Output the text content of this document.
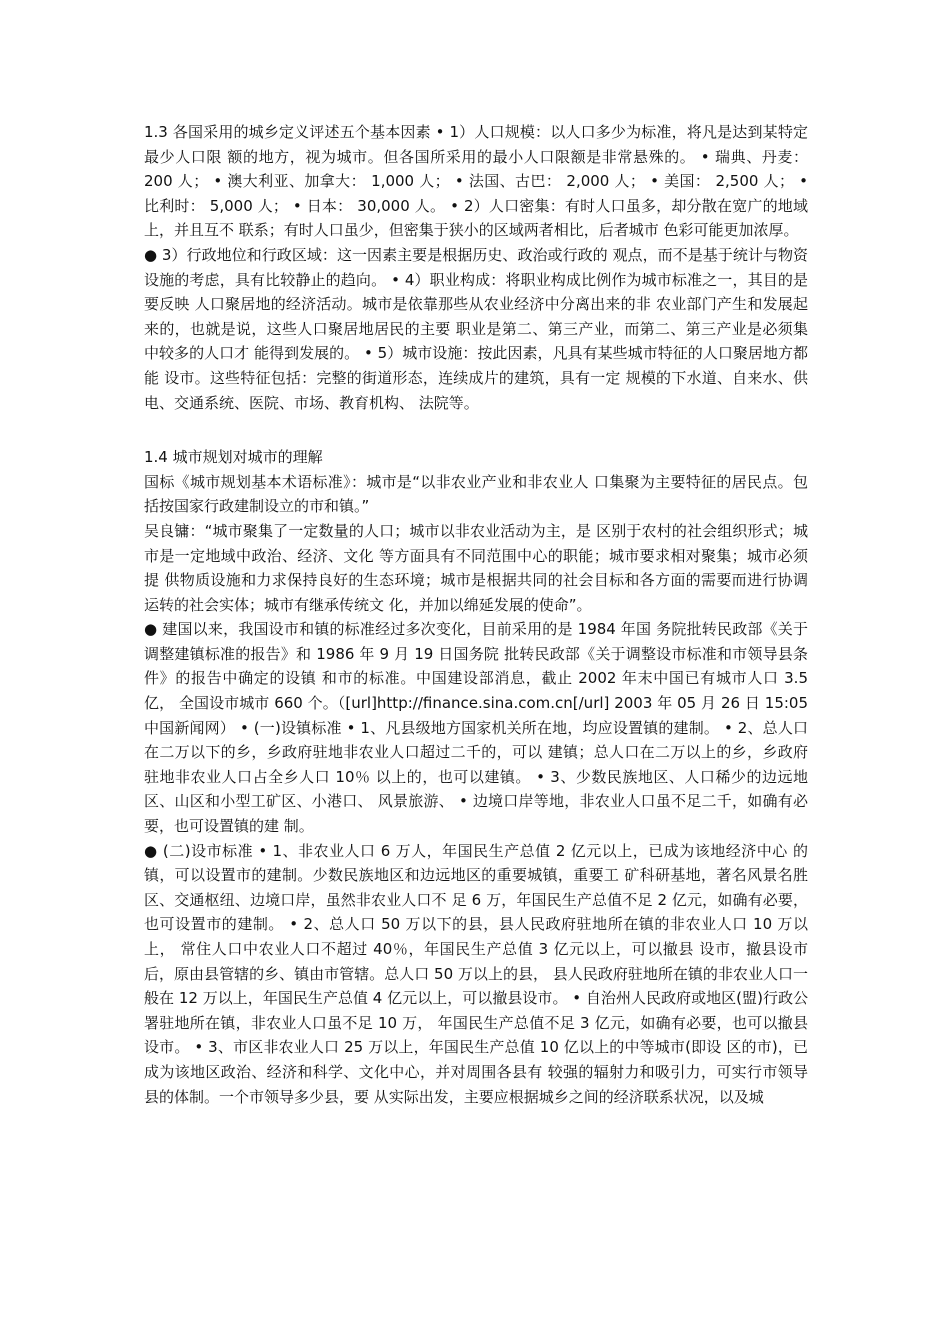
1.3 各国采用的城乡定义评述五个基本因素 • 1）人口规模：以人口多少为标准，将凡是达到某特定最少人口限 额的地方，视为城市。但各国所采用的最小人口限额是非常悬殊的。 • 瑞典、丹麦： 200 人； • 澳大利亚、加拿大： 1,000 人； • 法国、古巴： 2,000 人； • 美国： 2,500 人； • 比利时： 5,000 人； • 日本： 30,000 人。 • 2）人口密集：有时人口虽多，却分散在宽广的地域上，并且互不 联系；有时人口虽少，但密集于狭小的区域两者相比，后者城市 色彩可能更加浓厚。

● 3）行政地位和行政区域：这一因素主要是根据历史、政治或行政的 观点，而不是基于统计与物资设施的考虑，具有比较静止的趋向。 • 4）职业构成：将职业构成比例作为城市标准之一，其目的是要反映 人口聚居地的经济活动。城市是依靠那些从农业经济中分离出来的非 农业部门产生和发展起来的，也就是说，这些人口聚居地居民的主要 职业是第二、第三产业，而第二、第三产业是必须集中较多的人口才 能得到发展的。 • 5）城市设施：按此因素，凡具有某些城市特征的人口聚居地方都能 设市。这些特征包括：完整的街道形态，连续成片的建筑，具有一定 规模的下水道、自来水、供电、交通系统、医院、市场、教育机构、 法院等。

1.4 城市规划对城市的理解

国标《城市规划基本术语标准》：城市是“以非农业产业和非农业人 口集聚为主要特征的居民点。包括按国家行政建制设立的市和镇。”

吴良镛：“城市聚集了一定数量的人口；城市以非农业活动为主，是 区别于农村的社会组织形式；城市是一定地域中政治、经济、文化 等方面具有不同范围中心的职能；城市要求相对聚集；城市必须提 供物质设施和力求保持良好的生态环境；城市是根据共同的社会目标和各方面的需要而进行协调运转的社会实体；城市有继承传统文 化，并加以绵延发展的使命”。

● 建国以来，我国设市和镇的标准经过多次变化，目前采用的是 1984 年国 务院批转民政部《关于调整建镇标准的报告》和 1986 年 9 月 19 日国务院 批转民政部《关于调整设市标准和市领导县条件》的报告中确定的设镇 和市的标准。中国建设部消息，截止 2002 年末中国已有城市人口 3.5 亿， 全国设市城市 660 个。（[url]http://finance.sina.com.cn[/url] 2003 年 05 月 26 日 15:05 中国新闻网） • (一)设镇标准 • 1、凡县级地方国家机关所在地，均应设置镇的建制。 • 2、总人口在二万以下的乡，乡政府驻地非农业人口超过二千的，可以 建镇；总人口在二万以上的乡，乡政府驻地非农业人口占全乡人口 10％ 以上的，也可以建镇。 • 3、少数民族地区、人口稀少的边远地区、山区和小型工矿区、小港口、 风景旅游、 • 边境口岸等地，非农业人口虽不足二千，如确有必要，也可设置镇的建 制。

● (二)设市标准 • 1、非农业人口 6 万人，年国民生产总值 2 亿元以上，已成为该地经济中心 的镇，可以设置市的建制。少数民族地区和边远地区的重要城镇，重要工 矿科研基地，著名风景名胜区、交通枢纽、边境口岸，虽然非农业人口不 足 6 万，年国民生产总值不足 2 亿元，如确有必要，也可设置市的建制。 • 2、总人口 50 万以下的县，县人民政府驻地所在镇的非农业人口 10 万以上， 常住人口中农业人口不超过 40％，年国民生产总值 3 亿元以上，可以撤县 设市，撤县设市后，原由县管辖的乡、镇由市管辖。总人口 50 万以上的县， 县人民政府驻地所在镇的非农业人口一般在 12 万以上，年国民生产总值 4 亿元以上，可以撤县设市。 • 自治州人民政府或地区(盟)行政公署驻地所在镇，非农业人口虽不足 10 万， 年国民生产总值不足 3 亿元，如确有必要，也可以撤县设市。 • 3、市区非农业人口 25 万以上，年国民生产总值 10 亿以上的中等城市(即设 区的市)，已成为该地区政治、经济和科学、文化中心，并对周围各县有 较强的辐射力和吸引力，可实行市领导县的体制。一个市领导多少县，要 从实际出发，主要应根据城乡之间的经济联系状况，以及城
